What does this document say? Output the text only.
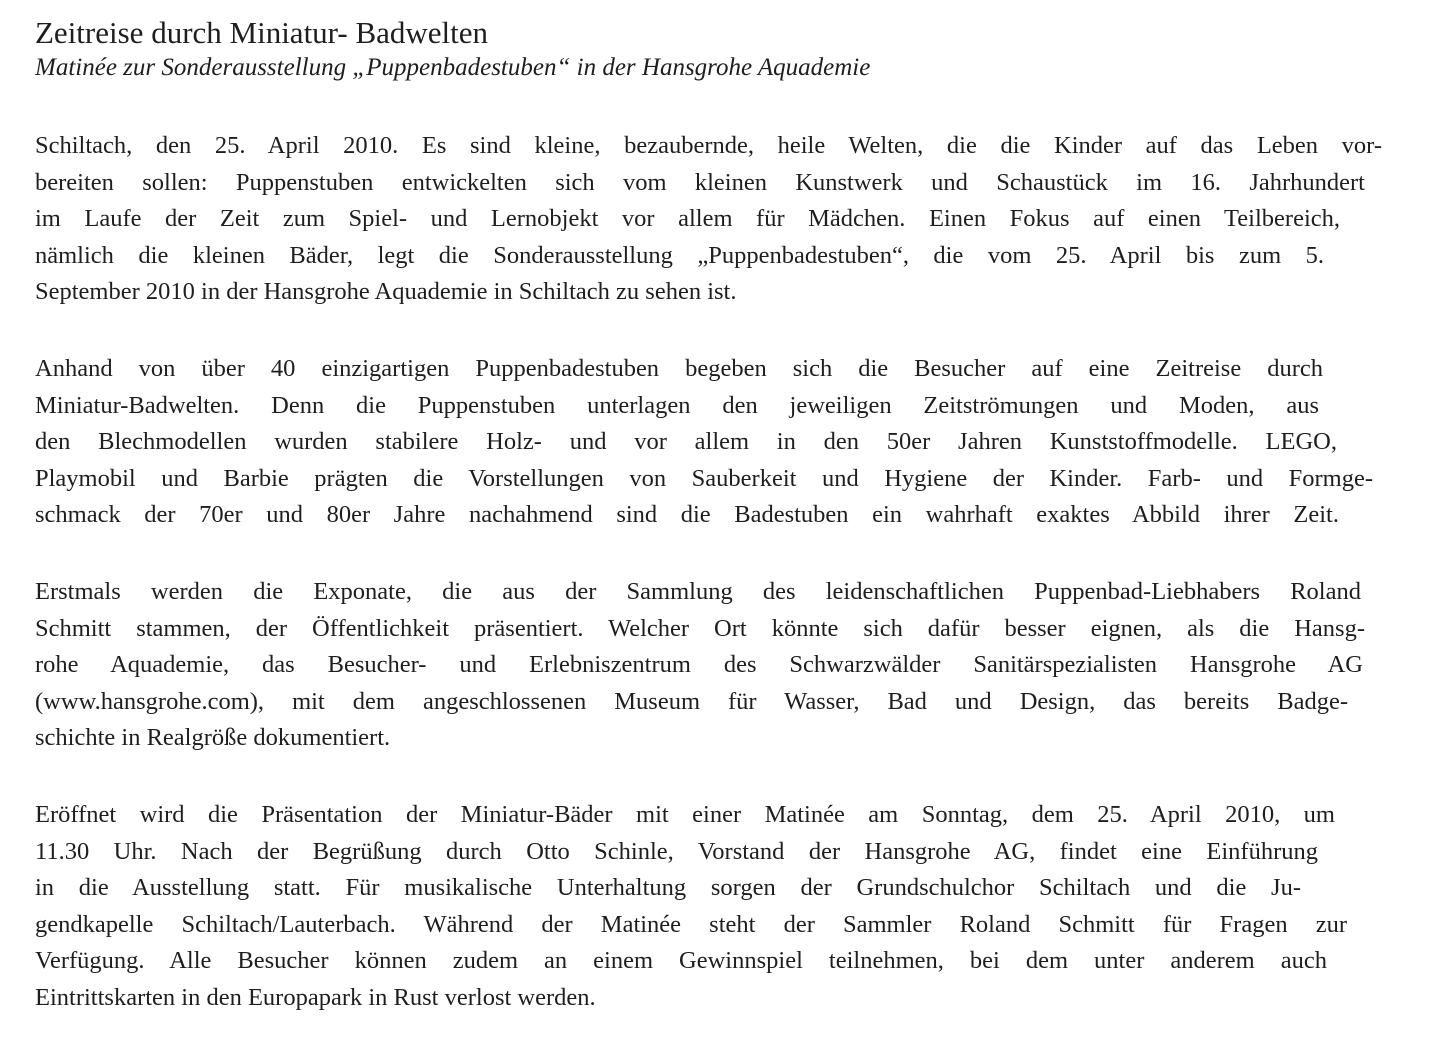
Zeitreise durch Miniatur- Badwelten
Matinée zur Sonderausstellung „Puppenbadestuben“ in der Hansgrohe Aquademie

Schiltach, den 25. April 2010. Es sind kleine, bezaubernde, heile Welten, die die Kinder auf das Leben vor-
bereiten sollen: Puppenstuben entwickelten sich vom kleinen Kunstwerk und Schaustück im 16. Jahrhundert
im Laufe der Zeit zum Spiel- und Lernobjekt vor allem für Mädchen. Einen Fokus auf einen Teilbereich,
nämlich die kleinen Bäder, legt die Sonderausstellung „Puppenbadestuben“, die vom 25. April bis zum 5.
September 2010 in der Hansgrohe Aquademie in Schiltach zu sehen ist.

Anhand von über 40 einzigartigen Puppenbadestuben begeben sich die Besucher auf eine Zeitreise durch
Miniatur-Badwelten. Denn die Puppenstuben unterlagen den jeweiligen Zeitströmungen und Moden, aus
den Blechmodellen wurden stabilere Holz- und vor allem in den 50er Jahren Kunststoffmodelle. LEGO,
Playmobil und Barbie prägten die Vorstellungen von Sauberkeit und Hygiene der Kinder. Farb- und Formge-
schmack der 70er und 80er Jahre nachahmend sind die Badestuben ein wahrhaft exaktes Abbild ihrer Zeit.

Erstmals werden die Exponate, die aus der Sammlung des leidenschaftlichen Puppenbad-Liebhabers Roland
Schmitt stammen, der Öffentlichkeit präsentiert. Welcher Ort könnte sich dafür besser eignen, als die Hansg-
rohe Aquademie, das Besucher- und Erlebniszentrum des Schwarzwälder Sanitärspezialisten Hansgrohe AG
(www.hansgrohe.com), mit dem angeschlossenen Museum für Wasser, Bad und Design, das bereits Badge-
schichte in Realgröße dokumentiert.

Eröffnet wird die Präsentation der Miniatur-Bäder mit einer Matinée am Sonntag, dem 25. April 2010, um
11.30 Uhr. Nach der Begrüßung durch Otto Schinle, Vorstand der Hansgrohe AG, findet eine Einführung
in die Ausstellung statt. Für musikalische Unterhaltung sorgen der Grundschulchor Schiltach und die Ju-
gendkapelle Schiltach/Lauterbach. Während der Matinée steht der Sammler Roland Schmitt für Fragen zur
Verfügung. Alle Besucher können zudem an einem Gewinnspiel teilnehmen, bei dem unter anderem auch
Eintrittskarten in den Europapark in Rust verlost werden.
